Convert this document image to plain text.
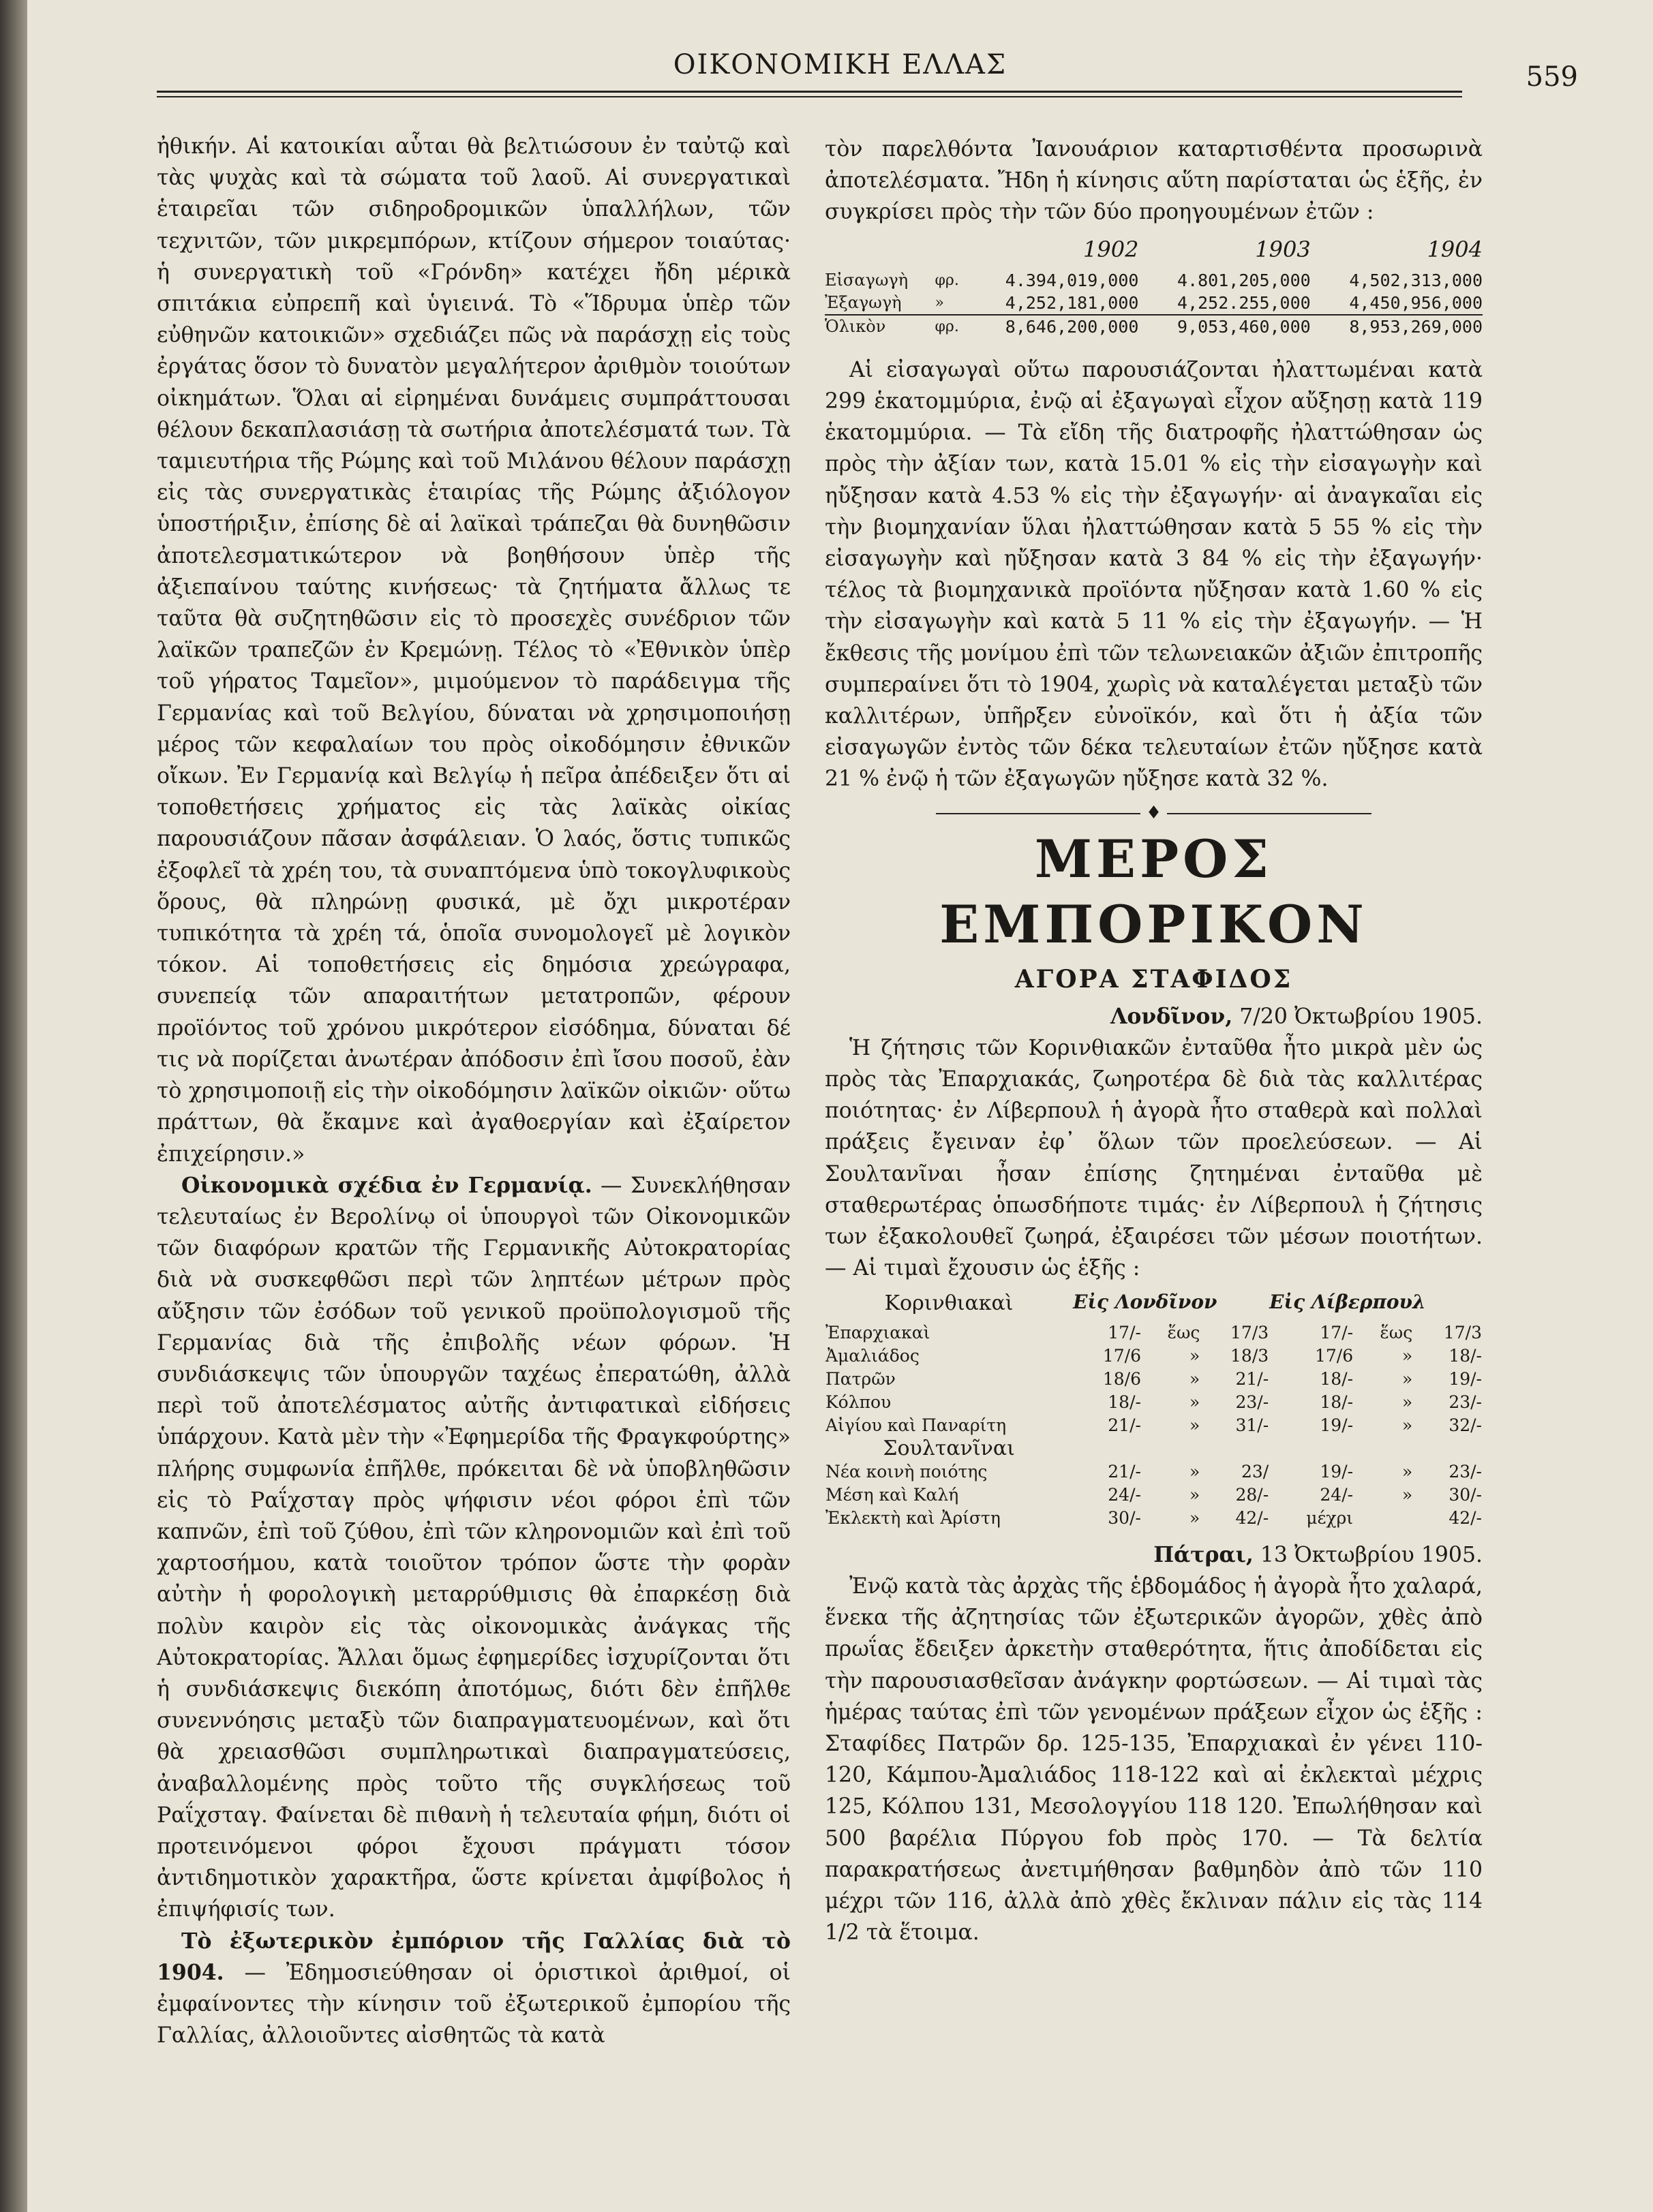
ΟΙΚΟΝΟΜΙΚΗ ΕΛΛΑΣ	559

ἠθικήν. Αἱ κατοικίαι αὗται θὰ βελτιώσουν ἐν ταὐτῷ καὶ τὰς ψυχὰς καὶ τὰ σώματα τοῦ λαοῦ. Αἱ συνεργατικαὶ ἑταιρεῖαι τῶν σιδηροδρομικῶν ὑπαλλήλων, τῶν τεχνιτῶν, τῶν μικρεμπόρων, κτίζουν σήμερον τοιαύτας· ἡ συνεργατικὴ τοῦ «Γρόνδη» κατέχει ἤδη μέρικὰ σπιτάκια εὐπρεπῆ καὶ ὑγιεινά. Τὸ «Ἵδρυμα ὑπὲρ τῶν εὐθηνῶν κατοικιῶν» σχεδιάζει πῶς νὰ παράσχῃ εἰς τοὺς ἐργάτας ὅσον τὸ δυνατὸν μεγαλήτερον ἀριθμὸν τοιούτων οἰκημάτων. Ὅλαι αἱ εἰρημέναι δυνάμεις συμπράττουσαι θέλουν δεκαπλασιάσῃ τὰ σωτήρια ἀποτελέσματά των. Τὰ ταμιευτήρια τῆς Ρώμης καὶ τοῦ Μιλάνου θέλουν παράσχῃ εἰς τὰς συνεργατικὰς ἑταιρίας τῆς Ρώμης ἀξιόλογον ὑποστήριξιν, ἐπίσης δὲ αἱ λαϊκαὶ τράπεζαι θὰ δυνηθῶσιν ἀποτελεσματικώτερον νὰ βοηθήσουν ὑπὲρ τῆς ἀξιεπαίνου ταύτης κινήσεως· τὰ ζητήματα ἄλλως τε ταῦτα θὰ συζητηθῶσιν εἰς τὸ προσεχὲς συνέδριον τῶν λαϊκῶν τραπεζῶν ἐν Κρεμώνῃ. Τέλος τὸ «Ἐθνικὸν ὑπὲρ τοῦ γήρατος Ταμεῖον», μιμούμενον τὸ παράδειγμα τῆς Γερμανίας καὶ τοῦ Βελγίου, δύναται νὰ χρησιμοποιήσῃ μέρος τῶν κεφαλαίων του πρὸς οἰκοδόμησιν ἐθνικῶν οἴκων. Ἐν Γερμανίᾳ καὶ Βελγίῳ ἡ πεῖρα ἀπέδειξεν ὅτι αἱ τοποθετήσεις χρήματος εἰς τὰς λαϊκὰς οἰκίας παρουσιάζουν πᾶσαν ἀσφάλειαν. Ὁ λαός, ὅστις τυπικῶς ἐξοφλεῖ τὰ χρέη του, τὰ συναπτόμενα ὑπὸ τοκογλυφικοὺς ὅρους, θὰ πληρώνῃ φυσικά, μὲ ὄχι μικροτέραν τυπικότητα τὰ χρέη τά, ὁποῖα συνομολογεῖ μὲ λογικὸν τόκον. Αἱ τοποθετήσεις εἰς δημόσια χρεώγραφα, συνεπείᾳ τῶν απαραιτήτων μετατροπῶν, φέρουν προϊόντος τοῦ χρόνου μικρότερον εἰσόδημα, δύναται δέ τις νὰ πορίζεται ἀνωτέραν ἀπόδοσιν ἐπὶ ἴσου ποσοῦ, ἐὰν τὸ χρησιμοποιῇ εἰς τὴν οἰκοδόμησιν λαϊκῶν οἰκιῶν· οὕτω πράττων, θὰ ἔκαμνε καὶ ἀγαθοεργίαν καὶ ἐξαίρετον ἐπιχείρησιν.»

Οἰκονομικὰ σχέδια ἐν Γερμανίᾳ. — Συνεκλήθησαν τελευταίως ἐν Βερολίνῳ οἱ ὑπουργοὶ τῶν Οἰκονομικῶν τῶν διαφόρων κρατῶν τῆς Γερμανικῆς Αὐτοκρατορίας διὰ νὰ συσκεφθῶσι περὶ τῶν ληπτέων μέτρων πρὸς αὔξησιν τῶν ἐσόδων τοῦ γενικοῦ προϋπολογισμοῦ τῆς Γερμανίας διὰ τῆς ἐπιβολῆς νέων φόρων. Ἡ συνδιάσκεψις τῶν ὑπουργῶν ταχέως ἐπερατώθη, ἀλλὰ περὶ τοῦ ἀποτελέσματος αὐτῆς ἀντιφατικαὶ εἰδήσεις ὑπάρχουν. Κατὰ μὲν τὴν «Ἐφημερίδα τῆς Φραγκφούρτης» πλήρης συμφωνία ἐπῆλθε, πρόκειται δὲ νὰ ὑποβληθῶσιν εἰς τὸ Ραΐχσταγ πρὸς ψήφισιν νέοι φόροι ἐπὶ τῶν καπνῶν, ἐπὶ τοῦ ζύθου, ἐπὶ τῶν κληρονομιῶν καὶ ἐπὶ τοῦ χαρτοσήμου, κατὰ τοιοῦτον τρόπον ὥστε τὴν φορὰν αὐτὴν ἡ φορολογικὴ μεταρρύθμισις θὰ ἐπαρκέσῃ διὰ πολὺν καιρὸν εἰς τὰς οἰκονομικὰς ἀνάγκας τῆς Αὐτοκρατορίας. Ἄλλαι ὅμως ἐφημερίδες ἰσχυρίζονται ὅτι ἡ συνδιάσκεψις διεκόπη ἀποτόμως, διότι δὲν ἐπῆλθε συνεννόησις μεταξὺ τῶν διαπραγματευομένων, καὶ ὅτι θὰ χρειασθῶσι συμπληρωτικαὶ διαπραγματεύσεις, ἀναβαλλομένης πρὸς τοῦτο τῆς συγκλήσεως τοῦ Ραΐχσταγ. Φαίνεται δὲ πιθανὴ ἡ τελευταία φήμη, διότι οἱ προτεινόμενοι φόροι ἔχουσι πράγματι τόσον ἀντιδημοτικὸν χαρακτῆρα, ὥστε κρίνεται ἀμφίβολος ἡ ἐπιψήφισίς των.

Τὸ ἐξωτερικὸν ἐμπόριον τῆς Γαλλίας διὰ τὸ 1904. — Ἐδημοσιεύθησαν οἱ ὁριστικοὶ ἀριθμοί, οἱ ἐμφαίνοντες τὴν κίνησιν τοῦ ἐξωτερικοῦ ἐμπορίου τῆς Γαλλίας, ἀλλοιοῦντες αἰσθητῶς τὰ κατὰ

τὸν παρελθόντα Ἰανουάριον καταρτισθέντα προσωρινὰ ἀποτελέσματα. Ἤδη ἡ κίνησις αὕτη παρίσταται ὡς ἑξῆς, ἐν συγκρίσει πρὸς τὴν τῶν δύο προηγουμένων ἐτῶν :

		1902	1903	1904
Εἰσαγωγὴ	φρ.	4.394,019,000	4.801,205,000	4,502,313,000
Ἐξαγωγὴ	»	4,252,181,000	4,252.255,000	4,450,956,000
Ὁλικὸν	φρ.	8,646,200,000	9,053,460,000	8,953,269,000

Αἱ εἰσαγωγαὶ οὕτω παρουσιάζονται ἠλαττωμέναι κατὰ 299 ἑκατομμύρια, ἐνῷ αἱ ἐξαγωγαὶ εἶχον αὔξησῃ κατὰ 119 ἑκατομμύρια. — Τὰ εἴδη τῆς διατροφῆς ἠλαττώθησαν ὡς πρὸς τὴν ἀξίαν των, κατὰ 15.01 % εἰς τὴν εἰσαγωγὴν καὶ ηὔξησαν κατὰ 4.53 % εἰς τὴν ἐξαγωγήν· αἱ ἀναγκαῖαι εἰς τὴν βιομηχανίαν ὕλαι ἠλαττώθησαν κατὰ 5 55 % εἰς τὴν εἰσαγωγὴν καὶ ηὔξησαν κατὰ 3 84 % εἰς τὴν ἐξαγωγήν· τέλος τὰ βιομηχανικὰ προϊόντα ηὔξησαν κατὰ 1.60 % εἰς τὴν εἰσαγωγὴν καὶ κατὰ 5 11 % εἰς τὴν ἐξαγωγήν. — Ἡ ἔκθεσις τῆς μονίμου ἐπὶ τῶν τελωνειακῶν ἀξιῶν ἐπιτροπῆς συμπεραίνει ὅτι τὸ 1904, χωρὶς νὰ καταλέγεται μεταξὺ τῶν καλλιτέρων, ὑπῆρξεν εὐνοϊκόν, καὶ ὅτι ἡ ἀξία τῶν εἰσαγωγῶν ἐντὸς τῶν δέκα τελευταίων ἐτῶν ηὔξησε κατὰ 21 % ἐνῷ ἡ τῶν ἐξαγωγῶν ηὔξησε κατὰ 32 %.

♦
ΜΕΡΟΣ ΕΜΠΟΡΙΚΟΝ
ΑΓΟΡΑ ΣΤΑΦΙΔΟΣ

Λονδῖνον, 7/20 Ὀκτωβρίου 1905.

Ἡ ζήτησις τῶν Κορινθιακῶν ἐνταῦθα ἦτο μικρὰ μὲν ὡς πρὸς τὰς Ἐπαρχιακάς, ζωηροτέρα δὲ διὰ τὰς καλλιτέρας ποιότητας· ἐν Λίβερπουλ ἡ ἀγορὰ ἦτο σταθερὰ καὶ πολλαὶ πράξεις ἔγειναν ἐφ᾽ ὅλων τῶν προελεύσεων. — Αἱ Σουλτανῖναι ἦσαν ἐπίσης ζητημέναι ἐνταῦθα μὲ σταθερωτέρας ὁπωσδήποτε τιμάς· ἐν Λίβερπουλ ἡ ζήτησις των ἐξακολουθεῖ ζωηρά, ἐξαιρέσει τῶν μέσων ποιοτήτων. — Αἱ τιμαὶ ἔχουσιν ὡς ἑξῆς :

Κορινθιακαὶ	Εἰς Λονδῖνον			Εἰς Λίβερπουλ		
Ἐπαρχιακαὶ	17/-	ἕως	17/3	17/-	ἕως	17/3
Ἀμαλιάδος	17/6	»	18/3	17/6	»	18/-
Πατρῶν	18/6	»	21/-	18/-	»	19/-
Κόλπου	18/-	»	23/-	18/-	»	23/-
Αἰγίου καὶ Παναρίτη	21/-	»	31/-	19/-	»	32/-
Σουλτανῖναι						
Νέα κοινὴ ποιότης	21/-	»	23/	19/-	»	23/-
Μέση καὶ Καλή	24/-	»	28/-	24/-	»	30/-
Ἐκλεκτὴ καὶ Ἀρίστη	30/-	»	42/-	μέχρι		42/-

Πάτραι, 13 Ὀκτωβρίου 1905.

Ἐνῷ κατὰ τὰς ἀρχὰς τῆς ἑβδομάδος ἡ ἀγορὰ ἦτο χαλαρά, ἕνεκα τῆς ἀζητησίας τῶν ἐξωτερικῶν ἀγορῶν, χθὲς ἀπὸ πρωΐας ἔδειξεν ἀρκετὴν σταθερότητα, ἥτις ἀποδίδεται εἰς τὴν παρουσιασθεῖσαν ἀνάγκην φορτώσεων. — Αἱ τιμαὶ τὰς ἡμέρας ταύτας ἐπὶ τῶν γενομένων πράξεων εἶχον ὡς ἑξῆς : Σταφίδες Πατρῶν δρ. 125-135, Ἐπαρχιακαὶ ἐν γένει 110-120, Κάμπου-Ἀμαλιάδος 118-122 καὶ αἱ ἐκλεκταὶ μέχρις 125, Κόλπου 131, Μεσολογγίου 118 120. Ἐπωλήθησαν καὶ 500 βαρέλια Πύργου fob πρὸς 170. — Τὰ δελτία παρακρατήσεως ἀνετιμήθησαν βαθμηδὸν ἀπὸ τῶν 110 μέχρι τῶν 116, ἀλλὰ ἀπὸ χθὲς ἔκλιναν πάλιν εἰς τὰς 114 1/2 τὰ ἕτοιμα.
